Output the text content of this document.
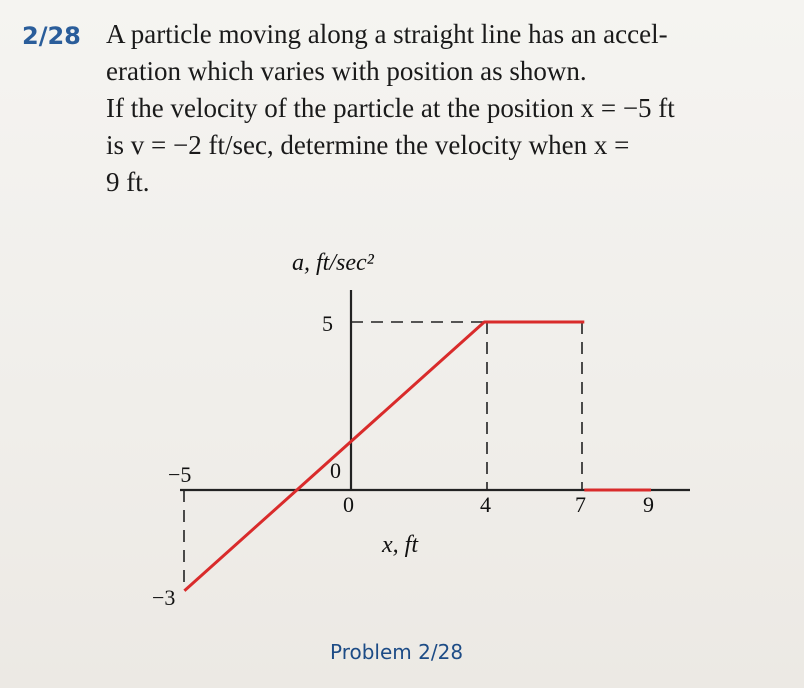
2/28 A particle moving along a straight line has an accel-
eration which varies with position as shown.
If the velocity of the particle at the position x = −5 ft
is v = −2 ft/sec, determine the velocity when x =
9 ft.
a, ft/sec²
5
0
0	4	7	9
−5
−3
x, ft
Problem 2/28
